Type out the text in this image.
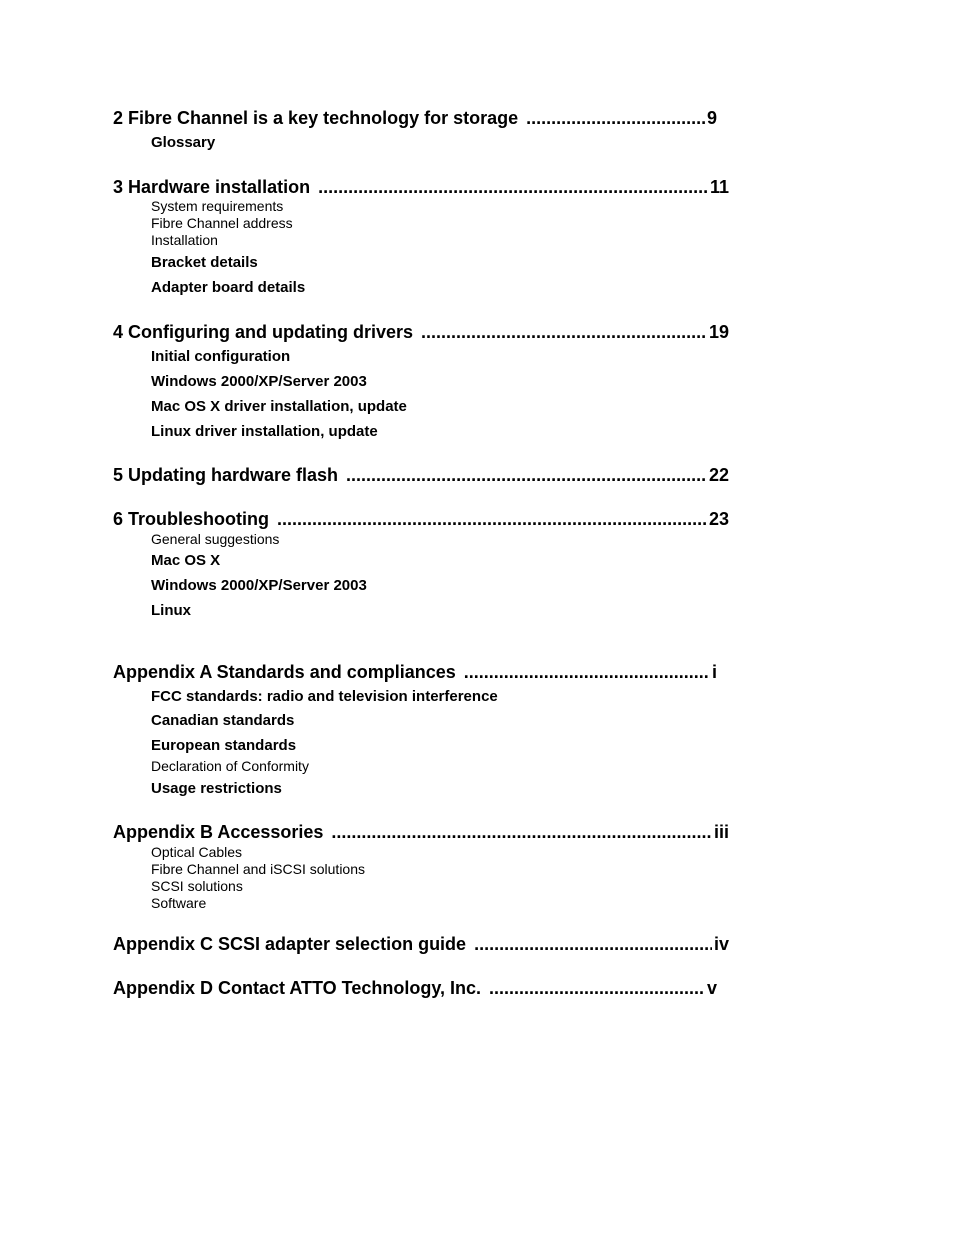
2 Fibre Channel is a key technology for storage .....	9
Glossary
3 Hardware installation .....	11
System requirements
Fibre Channel address
Installation
Bracket details
Adapter board details
4 Configuring and updating drivers .....	19
Initial configuration
Windows 2000/XP/Server 2003
Mac OS X driver installation, update
Linux driver installation, update
5 Updating hardware flash .....	22
6 Troubleshooting .....	23
General suggestions
Mac OS X
Windows 2000/XP/Server 2003
Linux
Appendix A Standards and compliances .....	i
FCC standards: radio and television interference
Canadian standards
European standards
Declaration of Conformity
Usage restrictions
Appendix B Accessories .....	iii
Optical Cables
Fibre Channel and iSCSI solutions
SCSI solutions
Software
Appendix C SCSI adapter selection guide .....	iv
Appendix D Contact ATTO Technology, Inc. .....	v
